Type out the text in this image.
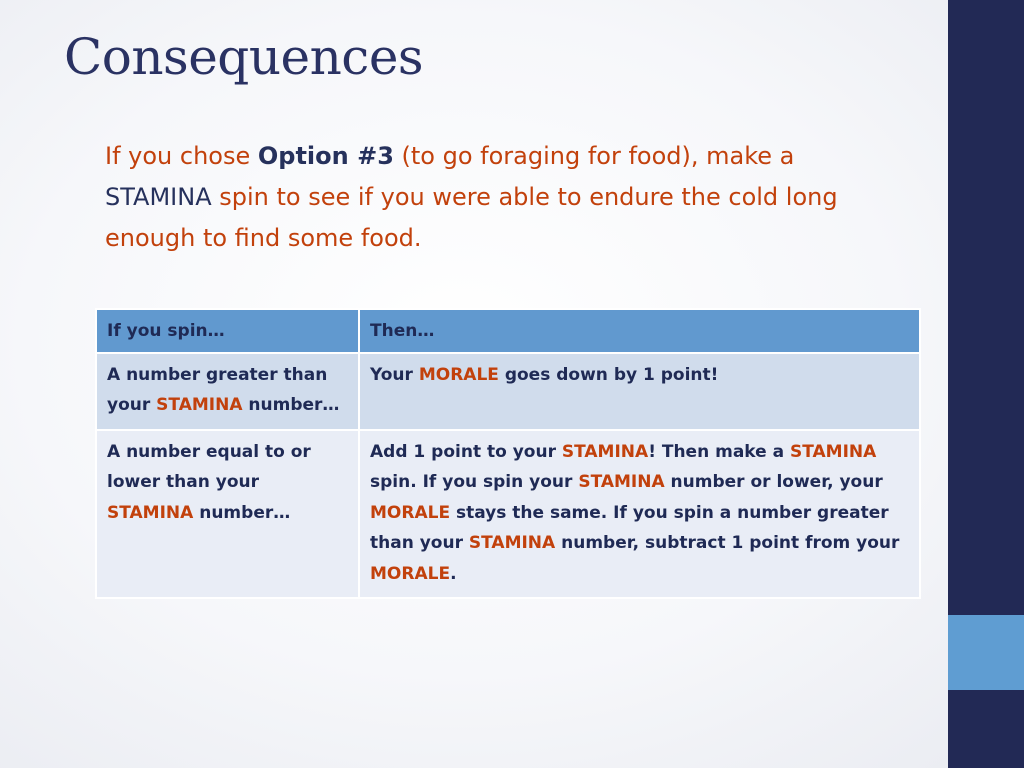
Consequences
If you chose Option #3 (to go foraging for food), make a STAMINA spin to see if you were able to endure the cold long enough to find some food.
If you spin…	Then…
A number greater than your STAMINA number…	Your MORALE goes down by 1 point!
A number equal to or lower than your STAMINA number…	Add 1 point to your STAMINA! Then make a STAMINA spin. If you spin your STAMINA number or lower, your MORALE stays the same. If you spin a number greater than your STAMINA number, subtract 1 point from your MORALE.
